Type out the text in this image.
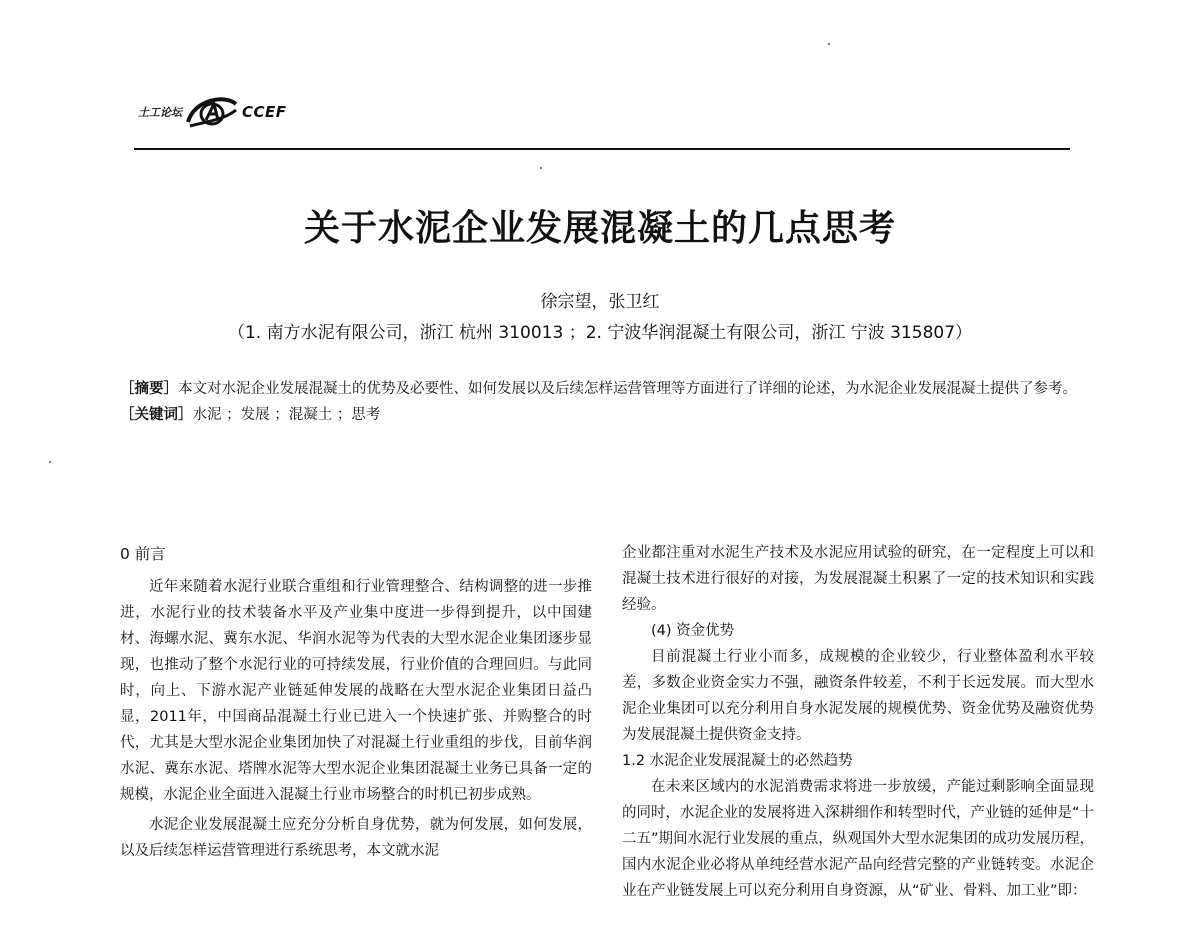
土工论坛	CCEF
关于水泥企业发展混凝土的几点思考
徐宗望，张卫红
（1. 南方水泥有限公司，浙江 杭州 310013 ；2. 宁波华润混凝土有限公司，浙江 宁波 315807）
［摘要］本文对水泥企业发展混凝土的优势及必要性、如何发展以及后续怎样运营管理等方面进行了详细的论述，为水泥企业发展混凝土提供了参考。
［关键词］水泥 ；发展 ；混凝土 ；思考

0 前言

近年来随着水泥行业联合重组和行业管理整合、结构调整的进一步推进，水泥行业的技术装备水平及产业集中度进一步得到提升，以中国建材、海螺水泥、冀东水泥、华润水泥等为代表的大型水泥企业集团逐步显现，也推动了整个水泥行业的可持续发展，行业价值的合理回归。与此同时，向上、下游水泥产业链延伸发展的战略在大型水泥企业集团日益凸显，2011年，中国商品混凝土行业已进入一个快速扩张、并购整合的时代，尤其是大型水泥企业集团加快了对混凝土行业重组的步伐，目前华润水泥、冀东水泥、塔牌水泥等大型水泥企业集团混凝土业务已具备一定的规模，水泥企业全面进入混凝土行业市场整合的时机已初步成熟。

水泥企业发展混凝土应充分分析自身优势，就为何发展，如何发展，以及后续怎样运营管理进行系统思考，本文就水泥

企业都注重对水泥生产技术及水泥应用试验的研究，在一定程度上可以和混凝土技术进行很好的对接，为发展混凝土积累了一定的技术知识和实践经验。

(4) 资金优势

目前混凝土行业小而多，成规模的企业较少，行业整体盈利水平较差，多数企业资金实力不强，融资条件较差，不利于长远发展。而大型水泥企业集团可以充分利用自身水泥发展的规模优势、资金优势及融资优势为发展混凝土提供资金支持。

1.2 水泥企业发展混凝土的必然趋势

在未来区域内的水泥消费需求将进一步放缓，产能过剩影响全面显现的同时，水泥企业的发展将进入深耕细作和转型时代，产业链的延伸是“十二五”期间水泥行业发展的重点，纵观国外大型水泥集团的成功发展历程，国内水泥企业必将从单纯经营水泥产品向经营完整的产业链转变。水泥企业在产业链发展上可以充分利用自身资源，从“矿业、骨料、加工业”即：
